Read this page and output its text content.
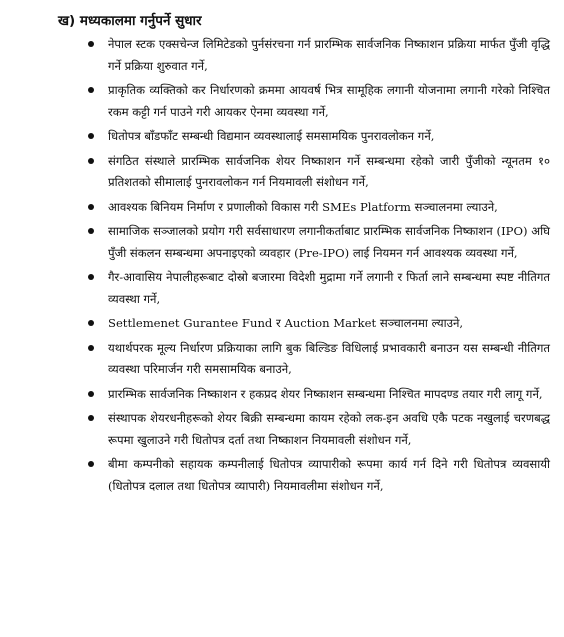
ख) मध्यकालमा गर्नुपर्ने सुधार
नेपाल स्टक एक्सचेन्ज लिमिटेडको पुर्नसंरचना गर्न प्रारम्भिक सार्वजनिक निष्काशन प्रक्रिया मार्फत पुँजी वृद्धि गर्ने प्रक्रिया शुरुवात गर्ने,
प्राकृतिक व्यक्तिको कर निर्धारणको क्रममा आयवर्ष भित्र सामूहिक लगानी योजनामा लगानी गरेको निश्चित रकम कट्टी गर्न पाउने गरी आयकर ऐनमा व्यवस्था गर्ने,
धितोपत्र बाँडफाँट सम्बन्धी विद्यमान व्यवस्थालाई समसामयिक पुनरावलोकन गर्ने,
संगठित संस्थाले प्रारम्भिक सार्वजनिक शेयर निष्काशन गर्ने सम्बन्धमा रहेको जारी पुँजीको न्यूनतम १० प्रतिशतको सीमालाई पुनरावलोकन गर्न नियमावली संशोधन गर्ने,
आवश्यक बिनियम निर्माण र प्रणालीको विकास गरी SMEs Platform सञ्चालनमा ल्याउने,
सामाजिक सञ्जालको प्रयोग गरी सर्वसाधारण लगानीकर्ताबाट प्रारम्भिक सार्वजनिक निष्काशन (IPO) अघि पुँजी संकलन सम्बन्धमा अपनाइएको व्यवहार (Pre-IPO) लाई नियमन गर्न आवश्यक व्यवस्था गर्ने,
गैर-आवासिय नेपालीहरूबाट दोस्रो बजारमा विदेशी मुद्रामा गर्ने लगानी र फिर्ता लाने सम्बन्धमा स्पष्ट नीतिगत व्यवस्था गर्ने,
Settlemenet Gurantee Fund र Auction Market सञ्चालनमा ल्याउने,
यथार्थपरक मूल्य निर्धारण प्रक्रियाका लागि बुक बिल्डिङ विधिलाई प्रभावकारी बनाउन यस सम्बन्धी नीतिगत व्यवस्था परिमार्जन गरी समसामयिक बनाउने,
प्रारम्भिक सार्वजनिक निष्काशन र हकप्रद शेयर निष्काशन सम्बन्धमा निश्चित मापदण्ड तयार गरी लागू गर्ने,
संस्थापक शेयरधनीहरूको शेयर बिक्री सम्बन्धमा कायम रहेको लक-इन अवधि एकै पटक नखुलाई चरणबद्ध रूपमा खुलाउने गरी धितोपत्र दर्ता तथा निष्काशन नियमावली संशोधन गर्ने,
बीमा कम्पनीको सहायक कम्पनीलाई धितोपत्र व्यापारीको रूपमा कार्य गर्न दिने गरी धितोपत्र व्यवसायी (धितोपत्र दलाल तथा धितोपत्र व्यापारी) नियमावलीमा संशोधन गर्ने,
